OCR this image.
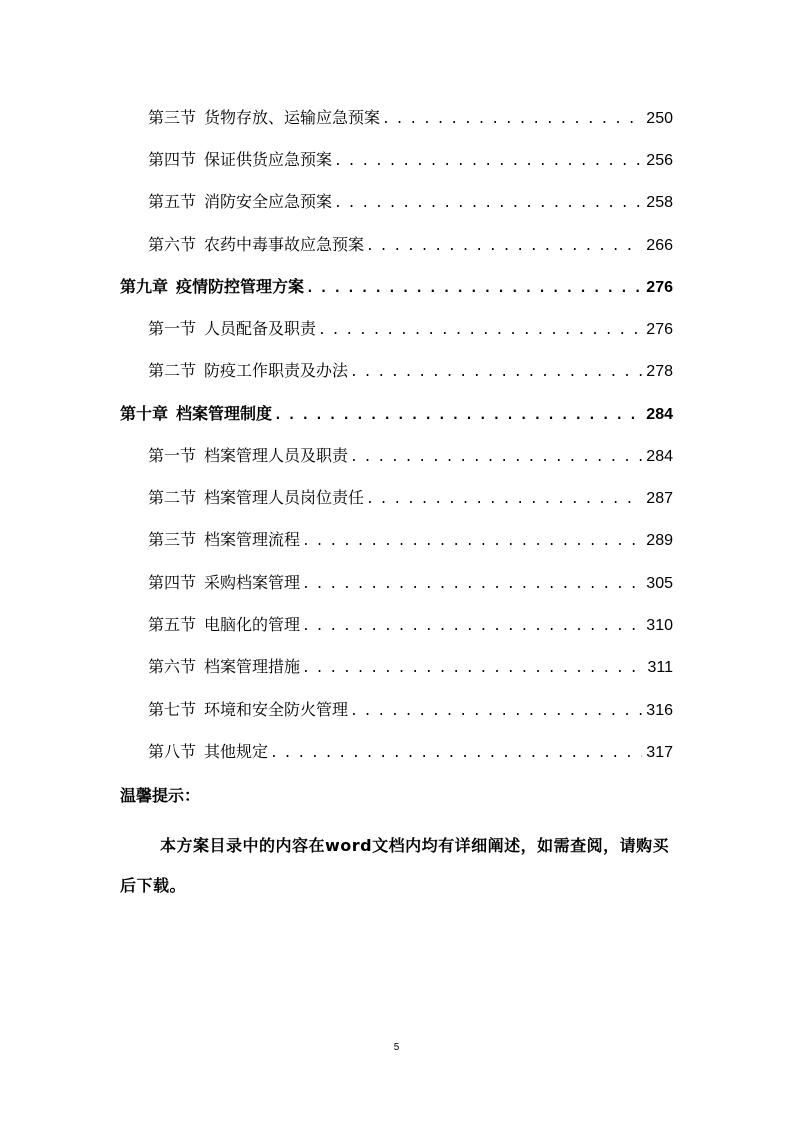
第三节 货物存放、运输应急预案 . . .	250
第四节 保证供货应急预案 . . .	256
第五节 消防安全应急预案 . . .	258
第六节 农药中毒事故应急预案 . . .	266
第九章 疫情防控管理方案 . . .	276
第一节 人员配备及职责 . . .	276
第二节 防疫工作职责及办法 . . .	278
第十章 档案管理制度 . . .	284
第一节 档案管理人员及职责 . . .	284
第二节 档案管理人员岗位责任 . . .	287
第三节 档案管理流程 . . .	289
第四节 采购档案管理 . . .	305
第五节 电脑化的管理 . . .	310
第六节 档案管理措施 . . .	311
第七节 环境和安全防火管理 . . .	316
第八节 其他规定 . . .	317
温馨提示：
本方案目录中的内容在word文档内均有详细阐述，如需查阅，请购买后下载。
5
